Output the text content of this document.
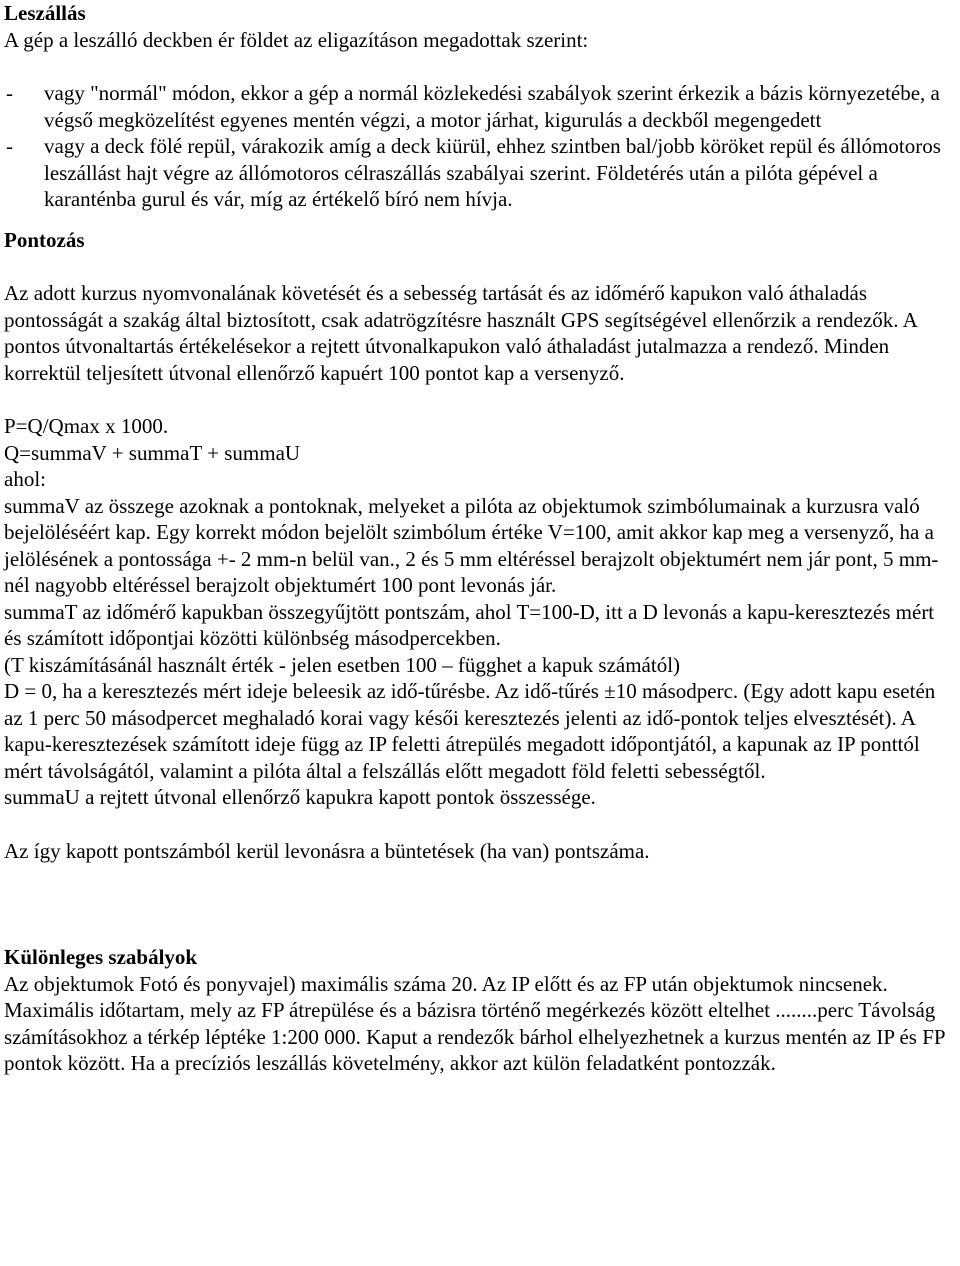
Leszállás

A gép a leszálló deckben ér földet az eligazításon megadottak szerint:

- vagy "normál" módon, ekkor a gép a normál közlekedési szabályok szerint érkezik a bázis környezetébe, a végső megközelítést egyenes mentén végzi, a motor járhat, kigurulás a deckből megengedett
- vagy a deck fölé repül, várakozik amíg a deck kiürül, ehhez szintben bal/jobb köröket repül és állómotoros leszállást hajt végre az állómotoros célraszállás szabályai szerint. Földetérés után a pilóta gépével a karanténba gurul és vár, míg az értékelő bíró nem hívja.

Pontozás

Az adott kurzus nyomvonalának követését és a sebesség tartását és az időmérő kapukon való áthaladás pontosságát a szakág által biztosított, csak adatrögzítésre használt GPS segítségével ellenőrzik a rendezők. A pontos útvonaltartás értékelésekor a rejtett útvonalkapukon való áthaladást jutalmazza a rendező. Minden korrektül teljesített útvonal ellenőrző kapuért 100 pontot kap a versenyző.

P=Q/Qmax x 1000.

Q=summaV + summaT + summaU

ahol:

summaV az összege azoknak a pontoknak, melyeket a pilóta az objektumok szimbólumainak a kurzusra való bejelöléséért kap. Egy korrekt módon bejelölt szimbólum értéke V=100, amit akkor kap meg a versenyző, ha a jelölésének a pontossága +- 2 mm-n belül van., 2 és 5 mm eltéréssel berajzolt objektumért nem jár pont, 5 mm-nél nagyobb eltéréssel berajzolt objektumért 100 pont levonás jár.

summaT az időmérő kapukban összegyűjtött pontszám, ahol T=100-D, itt a D levonás a kapu-keresztezés mért és számított időpontjai közötti különbség másodpercekben.

(T kiszámításánál használt érték - jelen esetben 100 – függhet a kapuk számától)

D = 0, ha a keresztezés mért ideje beleesik az idő-tűrésbe. Az idő-tűrés ±10 másodperc. (Egy adott kapu esetén az 1 perc 50 másodpercet meghaladó korai vagy késői keresztezés jelenti az idő-pontok teljes elvesztését). A kapu-keresztezések számított ideje függ az IP feletti átrepülés megadott időpontjától, a kapunak az IP ponttól mért távolságától, valamint a pilóta által a felszállás előtt megadott föld feletti sebességtől.

summaU a rejtett útvonal ellenőrző kapukra kapott pontok összessége.

Az így kapott pontszámból kerül levonásra a büntetések (ha van) pontszáma.

Különleges szabályok

Az objektumok Fotó és ponyvajel) maximális száma 20. Az IP előtt és az FP után objektumok nincsenek. Maximális időtartam, mely az FP átrepülése és a bázisra történő megérkezés között eltelhet ........perc Távolság számításokhoz a térkép léptéke 1:200 000. Kaput a rendezők bárhol elhelyezhetnek a kurzus mentén az IP és FP pontok között. Ha a precíziós leszállás követelmény, akkor azt külön feladatként pontozzák.
